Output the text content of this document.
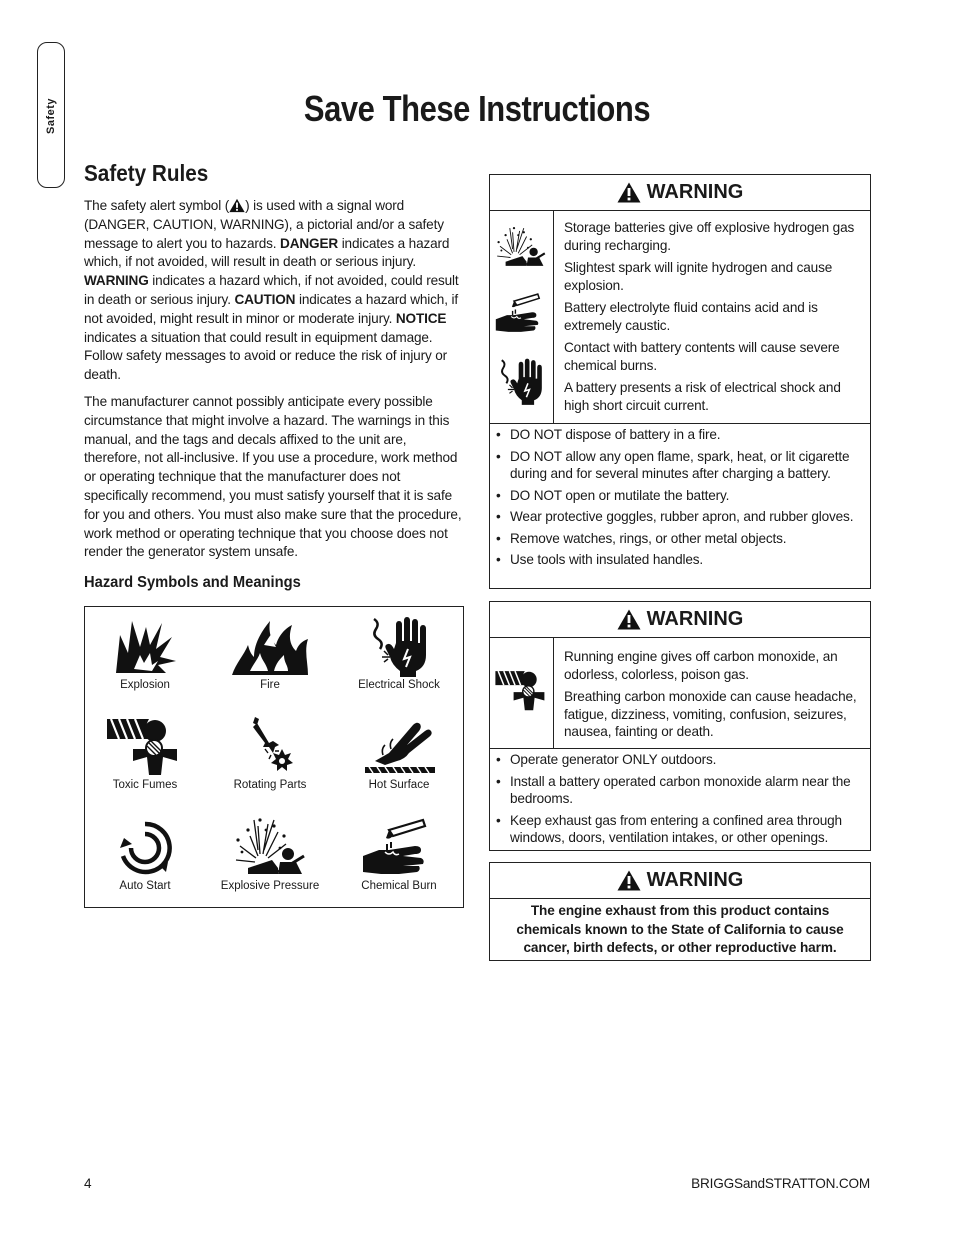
Safety	Save These Instructions
Safety Rules

The safety alert symbol ( ) is used with a signal word (DANGER, CAUTION, WARNING), a pictorial and/or a safety message to alert you to hazards. DANGER indicates a hazard which, if not avoided, will result in death or serious injury. WARNING indicates a hazard which, if not avoided, could result in death or serious injury. CAUTION indicates a hazard which, if not avoided, might result in minor or moderate injury. NOTICE indicates a situation that could result in equipment damage. Follow safety messages to avoid or reduce the risk of injury or death.

The manufacturer cannot possibly anticipate every possible circumstance that might involve a hazard. The warnings in this manual, and the tags and decals affixed to the unit are, therefore, not all-inclusive. If you use a procedure, work method or operating technique that the manufacturer does not specifically recommend, you must satisfy yourself that it is safe for you and others. You must also make sure that the procedure, work method or operating technique that you choose does not render the generator system unsafe.

Hazard Symbols and Meanings
Explosion	Fire	Electrical Shock
Toxic Fumes	Rotating Parts	Hot Surface
Auto Start	Explosive Pressure	Chemical Burn
WARNING

Storage batteries give off explosive hydrogen gas during recharging.

Slightest spark will ignite hydrogen and cause explosion.

Battery electrolyte fluid contains acid and is extremely caustic.

Contact with battery contents will cause severe chemical burns.

A battery presents a risk of electrical shock and high short circuit current.

• DO NOT dispose of battery in a fire.
• DO NOT allow any open flame, spark, heat, or lit cigarette during and for several minutes after charging a battery.
• DO NOT open or mutilate the battery.
• Wear protective goggles, rubber apron, and rubber gloves.
• Remove watches, rings, or other metal objects.
• Use tools with insulated handles.
WARNING

Running engine gives off carbon monoxide, an odorless, colorless, poison gas.

Breathing carbon monoxide can cause headache, fatigue, dizziness, vomiting, confusion, seizures, nausea, fainting or death.

• Operate generator ONLY outdoors.
• Install a battery operated carbon monoxide alarm near the bedrooms.
• Keep exhaust gas from entering a confined area through windows, doors, ventilation intakes, or other openings.
WARNING
The engine exhaust from this product contains chemicals known to the State of California to cause cancer, birth defects, or other reproductive harm.
4	BRIGGSandSTRATTON.COM
